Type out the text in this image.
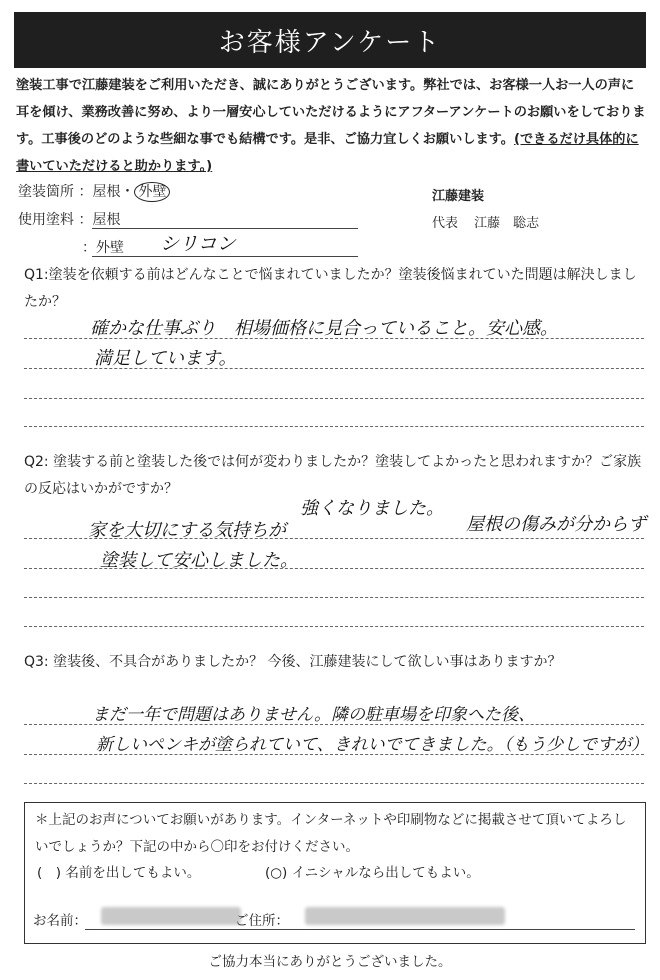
お客様アンケート
塗装工事で江藤建装をご利用いただき、誠にありがとうございます。弊社では、お客様一人お一人の声に耳を傾け、業務改善に努め、より一層安心していただけるようにアフターアンケートのお願いをしております。工事後のどのような些細な事でも結構です。是非、ご協力宜しくお願いします。(できるだけ具体的に書いていただけると助かります。)
塗装箇所 ：屋根・ 外壁
使用塗料 ：屋根
：外壁 シリコン
江藤建装
代表 江藤　聡志
Q1:塗装を依頼する前はどんなことで悩まれていましたか？塗装後悩まれていた問題は解決しましたか？
確かな仕事ぶり　相場価格に見合っていること。安心感。
満足しています。
Q2: 塗装する前と塗装した後では何が変わりましたか？塗装してよかったと思われますか？ご家族の反応はいかがですか？
強くなりました。
家を大切にする気持ちが	屋根の傷みが分からず
塗装して安心しました。
Q3: 塗装後、不具合がありましたか？ 今後、江藤建装にして欲しい事はありますか？
まだ一年で問題はありません。隣の駐車場を印象へた後、
新しいペンキが塗られていて、きれいでてきました。（もう少しですが）
＊上記のお声についてお願いがあります。インターネットや印刷物などに掲載させて頂いてよろしいでしょうか？下記の中から〇印をお付けください。
(　) 名前を出してもよい。	(○) イニシャルなら出してもよい。
お名前：	ご住所：
ご協力本当にありがとうございました。
